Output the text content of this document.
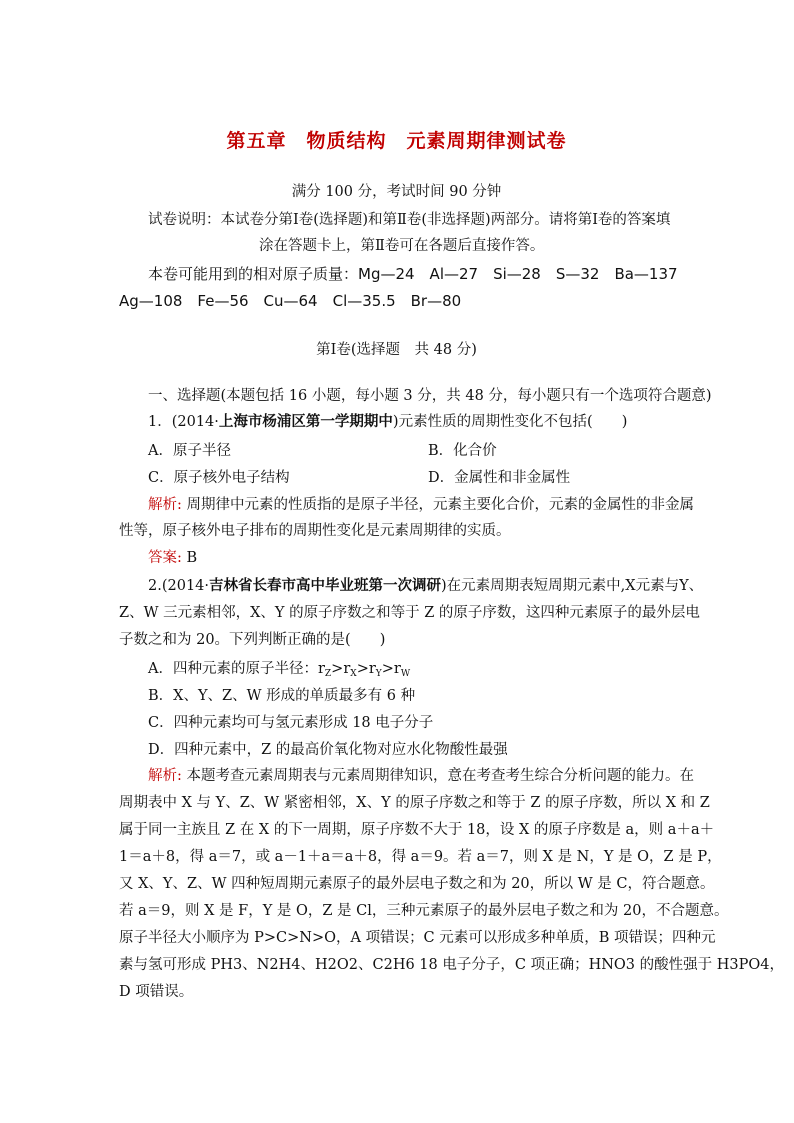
第五章　物质结构　元素周期律测试卷
满分 100 分，考试时间 90 分钟
试卷说明：本试卷分第Ⅰ卷(选择题)和第Ⅱ卷(非选择题)两部分。请将第Ⅰ卷的答案填
涂在答题卡上，第Ⅱ卷可在各题后直接作答。
本卷可能用到的相对原子质量：Mg—24　Al—27　Si—28　S—32　Ba—137
Ag—108　Fe—56　Cu—64　Cl—35.5　Br—80
第Ⅰ卷(选择题　共 48 分)
一、选择题(本题包括 16 小题，每小题 3 分，共 48 分，每小题只有一个选项符合题意)
1．(2014·上海市杨浦区第一学期期中)元素性质的周期性变化不包括(　　)
A．原子半径	B．化合价
C．原子核外电子结构	D．金属性和非金属性
解析: 周期律中元素的性质指的是原子半径，元素主要化合价，元素的金属性的非金属
性等，原子核外电子排布的周期性变化是元素周期律的实质。
答案: B
2.(2014·吉林省长春市高中毕业班第一次调研)在元素周期表短周期元素中,X元素与Y、
Z、W 三元素相邻，X、Y 的原子序数之和等于 Z 的原子序数，这四种元素原子的最外层电
子数之和为 20。下列判断正确的是(　　)
A．四种元素的原子半径：$r_Z>r_X>r_Y>r_W$
B．X、Y、Z、W 形成的单质最多有 6 种
C．四种元素均可与氢元素形成 18 电子分子
D．四种元素中，Z 的最高价氧化物对应水化物酸性最强
解析: 本题考查元素周期表与元素周期律知识，意在考查考生综合分析问题的能力。在
周期表中 X 与 Y、Z、W 紧密相邻，X、Y 的原子序数之和等于 Z 的原子序数，所以 X 和 Z
属于同一主族且 Z 在 X 的下一周期，原子序数不大于 18，设 X 的原子序数是 a，则 a＋a＋
1＝a＋8，得 a＝7，或 a－1＋a＝a＋8，得 a＝9。若 a＝7，则 X 是 N，Y 是 O，Z 是 P，
又 X、Y、Z、W 四种短周期元素原子的最外层电子数之和为 20，所以 W 是 C，符合题意。
若 a＝9，则 X 是 F，Y 是 O，Z 是 Cl，三种元素原子的最外层电子数之和为 20，不合题意。
原子半径大小顺序为 P>C>N>O，A 项错误；C 元素可以形成多种单质，B 项错误；四种元
素与氢可形成 PH3、N2H4、H2O2、C2H6 18 电子分子，C 项正确；HNO3 的酸性强于 H3PO4，
D 项错误。
